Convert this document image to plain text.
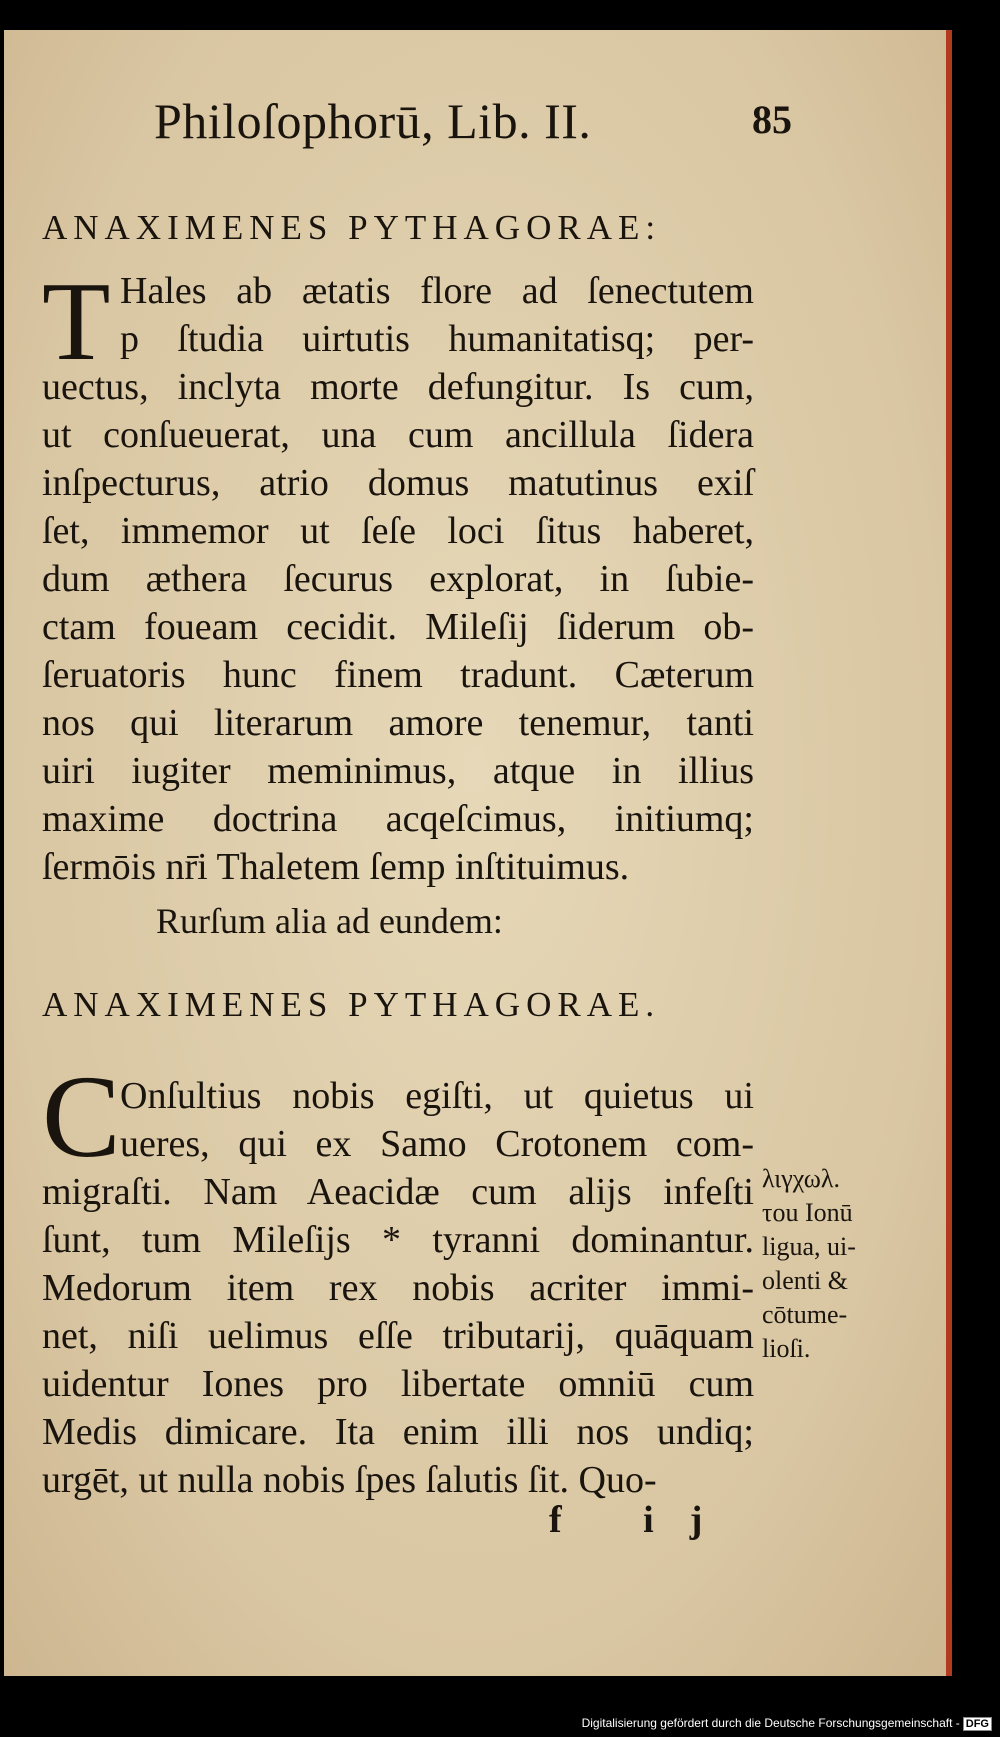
Philoſophorū, Lib. II.	85
ANAXIMENES PYTHAGORAE:
T Hales ab ætatis flore ad ſenectutem
p ſtudia uirtutis humanitatisq; per-
uectus, inclyta morte defungitur. Is cum,
ut conſueuerat, una cum ancillula ſidera
inſpecturus, atrio domus matutinus exiſ
ſet, immemor ut ſeſe loci ſitus haberet,
dum æthera ſecurus explorat, in ſubie-
ctam foueam cecidit. Mileſij ſiderum ob-
ſeruatoris hunc finem tradunt. Cæterum
nos qui literarum amore tenemur, tanti
uiri iugiter meminimus, atque in illius
maxime doctrina acqeſcimus, initiumq;
ſermōis nr̄i Thaletem ſemp inſtituimus.
Rurſum alia ad eundem:
ANAXIMENES PYTHAGORAE.
C Onſultius nobis egiſti, ut quietus ui
ueres, qui ex Samo Crotonem com-
migraſti. Nam Aeacidæ cum alijs infeſti
ſunt, tum Mileſijs * tyranni dominantur.
Medorum item rex nobis acriter immi-
net, niſi uelimus eſſe tributarij, quāquam
uidentur Iones pro libertate omniū cum
Medis dimicare. Ita enim illi nos undiq;
urgēt, ut nulla nobis ſpes ſalutis ſit. Quo-
λιγχωλ.
τοu Ionū
ligua, ui-
olenti &
cōtume-
lioſi.
f ij
Digitalisierung gefördert durch die Deutsche Forschungsgemeinschaft - DFG
